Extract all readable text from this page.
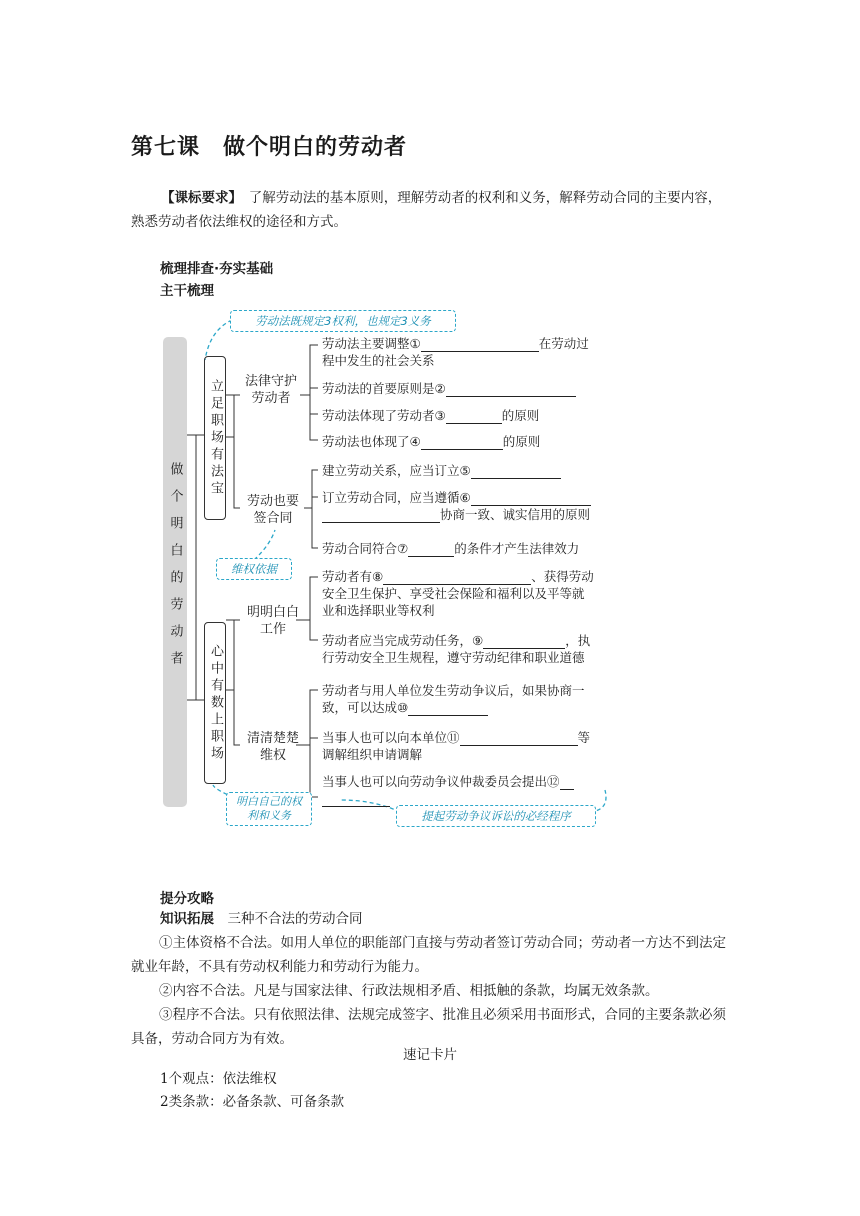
第七课　做个明白的劳动者
【课标要求】　 了解劳动法的基本原则，理解劳动者的权利和义务，解释劳动合同的主要内容，熟悉劳动者依法维权的途径和方式。
梳理排查·夯实基础
主干梳理
做个明白的劳动者
劳动法既规定3权利，也规定3义务
立足职场有法宝
心中有数上职场
法律守护劳动者
劳动也要签合同
明明白白工作
清清楚楚维权
维权依据
明白自己的权利和义务	提起劳动争议诉讼的必经程序
劳动法主要调整①	在劳动过
程中发生的社会关系
劳动法的首要原则是②
劳动法体现了劳动者③	的原则
劳动法也体现了④	的原则
建立劳动关系，应当订立⑤
订立劳动合同，应当遵循⑥
协商一致、诚实信用的原则
劳动合同符合⑦	的条件才产生法律效力
劳动者有⑧	、获得劳动
安全卫生保护、享受社会保险和福利以及平等就
业和选择职业等权利
劳动者应当完成劳动任务，⑨	，执
行劳动安全卫生规程，遵守劳动纪律和职业道德
劳动者与用人单位发生劳动争议后，如果协商一
致，可以达成⑩
当事人也可以向本单位⑪	等
调解组织申请调解
当事人也可以向劳动争议仲裁委员会提出⑫

提分攻略

知识拓展　 三种不合法的劳动合同

①主体资格不合法。如用人单位的职能部门直接与劳动者签订劳动合同；劳动者一方达不到法定就业年龄，不具有劳动权利能力和劳动行为能力。

②内容不合法。凡是与国家法律、行政法规相矛盾、相抵触的条款，均属无效条款。

③程序不合法。只有依照法律、法规完成签字、批准且必须采用书面形式，合同的主要条款必须具备，劳动合同方为有效。

速记卡片
1个观点：依法维权
2类条款：必备条款、可备条款
